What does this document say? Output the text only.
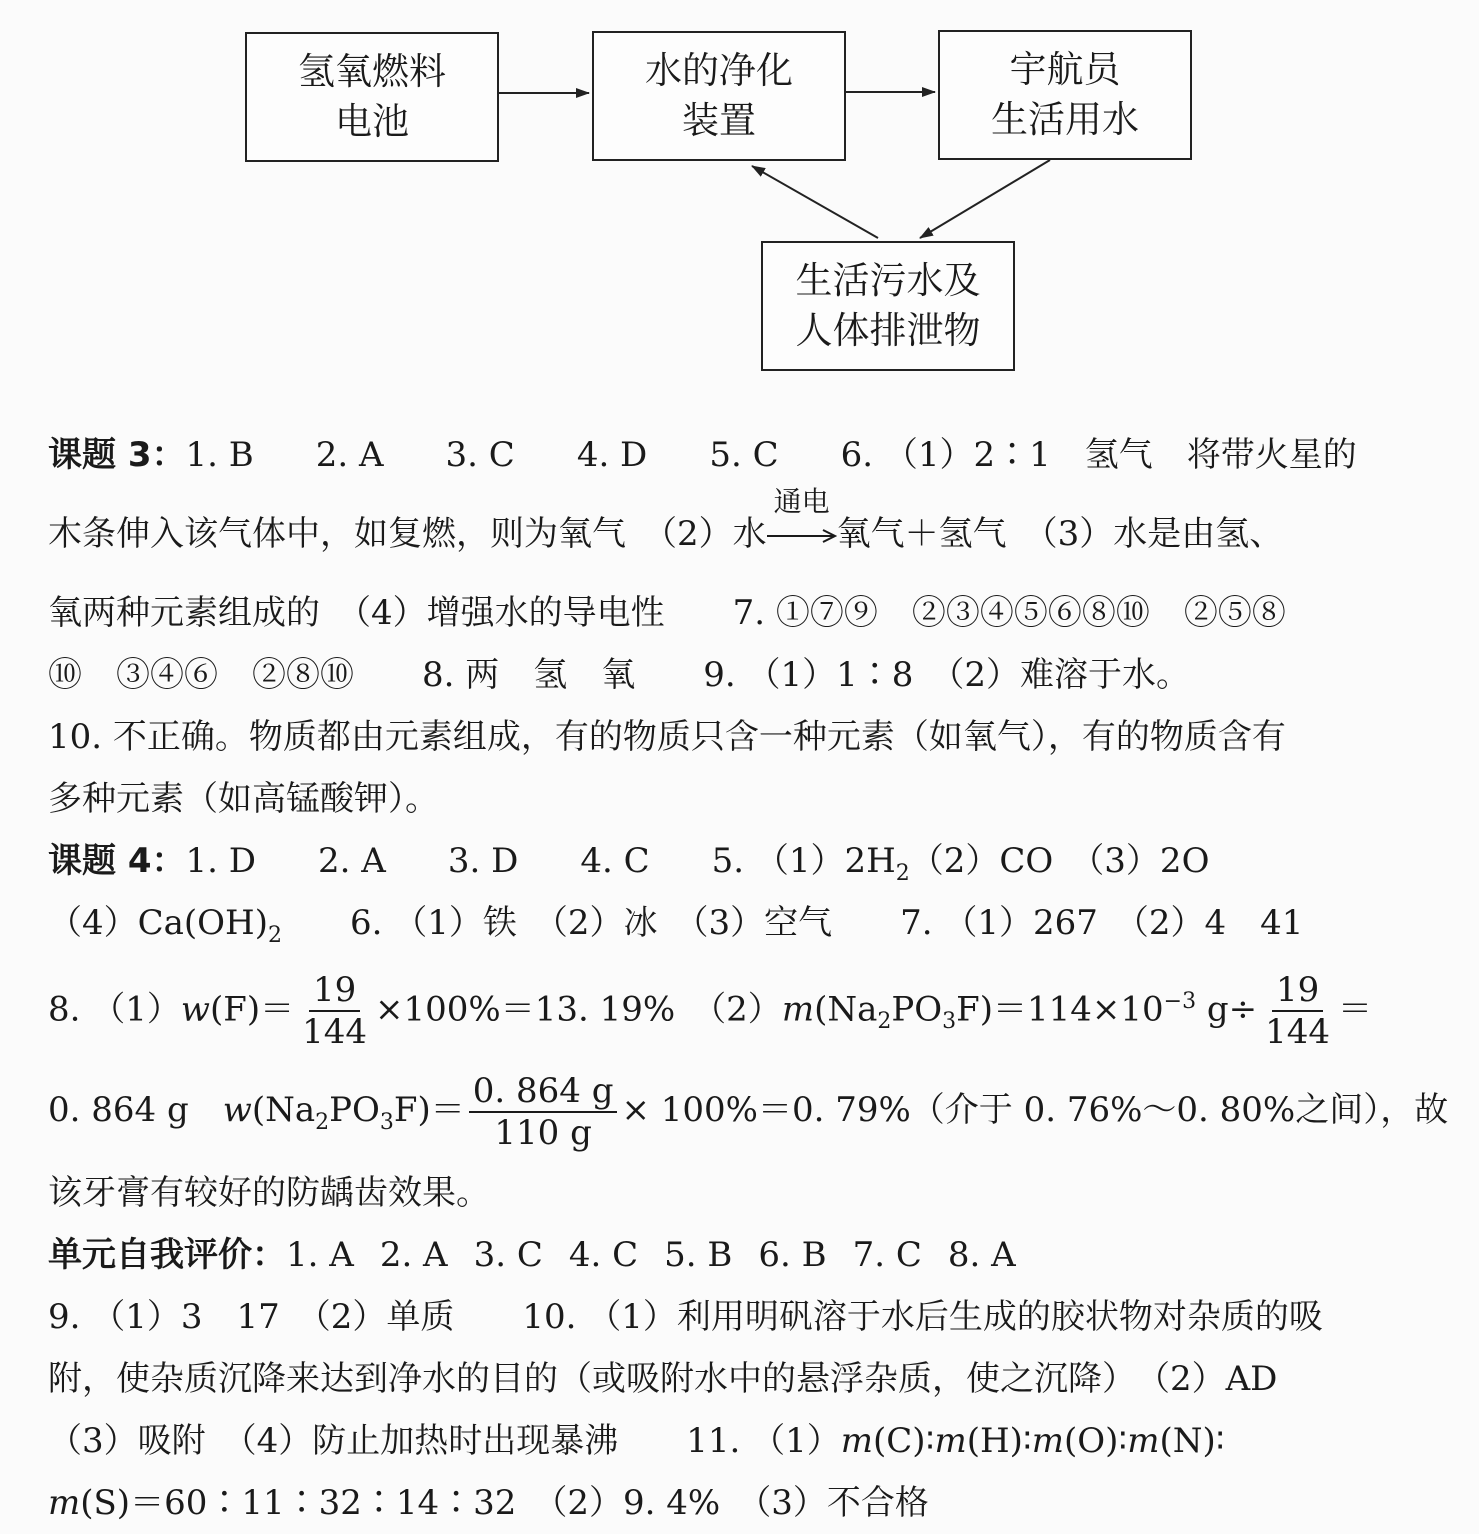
氢氧燃料
电池
水的净化
装置
宇航员
生活用水
生活污水及
人体排泄物
课题 3：1. B 2. A 3. C 4. D 5. C 6. （1）2∶1　氢气　将带火星的
木条伸入该气体中，如复燃，则为氧气　（2）水
通电
氧气＋氢气　（3）水是由氢、
氧两种元素组成的　（4）增强水的导电性　　7. ①⑦⑨　②③④⑤⑥⑧⑩　②⑤⑧
⑩　③④⑥　②⑧⑩　　8. 两　氢　氧　　9. （1）1∶8　（2）难溶于水。
10. 不正确。物质都由元素组成，有的物质只含一种元素（如氧气），有的物质含有
多种元素（如高锰酸钾）。
课题 4：1. D 2. A 3. D 4. C 5. $(1)2H_2(2)CO$　（3）2O
$(4)Ca(OH)_2$　　6. （1）铁　（2）冰　（3）空气　　7. （1）267　（2）4　41
8. $(1)w(F)= \frac{19}{144} \times 100\%=13$. 19%　$(2)m(Na_2PO_3F)=114\times 10^{-3}$ $g\div \frac{19}{144}$ ＝
0. 864 g　$w(Na_2PO_3F)= \frac{0. 864 g}{110 g} \times 100\%=0$. 79%（介于 0. 76%～0. 80%之间），故
该牙膏有较好的防龋齿效果。
单元自我评价：1. A 2. A 3. C 4. C 5. B 6. B 7. C 8. A
9. （1）3　17　（2）单质　　10. （1）利用明矾溶于水后生成的胶状物对杂质的吸
附，使杂质沉降来达到净水的目的（或吸附水中的悬浮杂质，使之沉降）　（2）AD
（3）吸附　（4）防止加热时出现暴沸　　11. （1）m(C)∶m(H)∶m(O)∶m(N)∶
m(S)＝60∶11∶32∶14∶32　（2）9. 4%　（3）不合格
